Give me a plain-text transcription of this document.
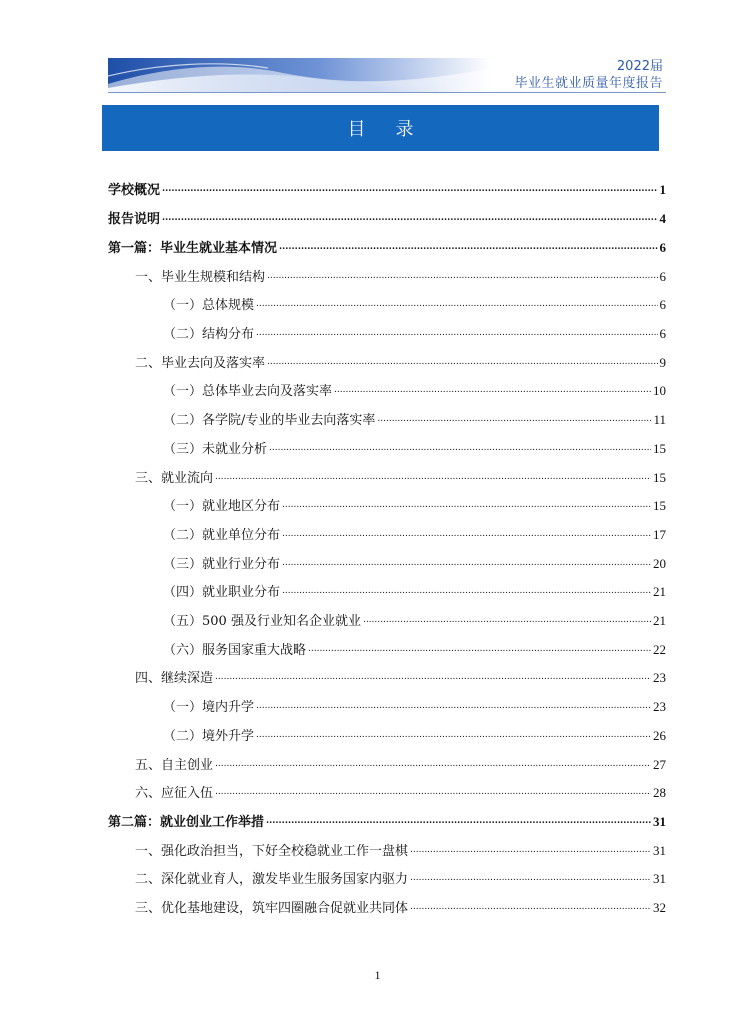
2022届
毕业生就业质量年度报告
目录
学校概况 .....	1
报告说明 .....	4
第一篇：毕业生就业基本情况 .....	6
一、毕业生规模和结构 .....	6
（一）总体规模 .....	6
（二）结构分布 .....	6
二、毕业去向及落实率 .....	9
（一）总体毕业去向及落实率 .....	10
（二）各学院/专业的毕业去向落实率 .....	11
（三）未就业分析 .....	15
三、就业流向 .....	15
（一）就业地区分布 .....	15
（二）就业单位分布 .....	17
（三）就业行业分布 .....	20
（四）就业职业分布 .....	21
（五）500 强及行业知名企业就业 .....	21
（六）服务国家重大战略 .....	22
四、继续深造 .....	23
（一）境内升学 .....	23
（二）境外升学 .....	26
五、自主创业 .....	27
六、应征入伍 .....	28
第二篇：就业创业工作举措 .....	31
一、强化政治担当，下好全校稳就业工作一盘棋 .....	31
二、深化就业育人，激发毕业生服务国家内驱力 .....	31
三、优化基地建设，筑牢四圈融合促就业共同体 .....	32
1
